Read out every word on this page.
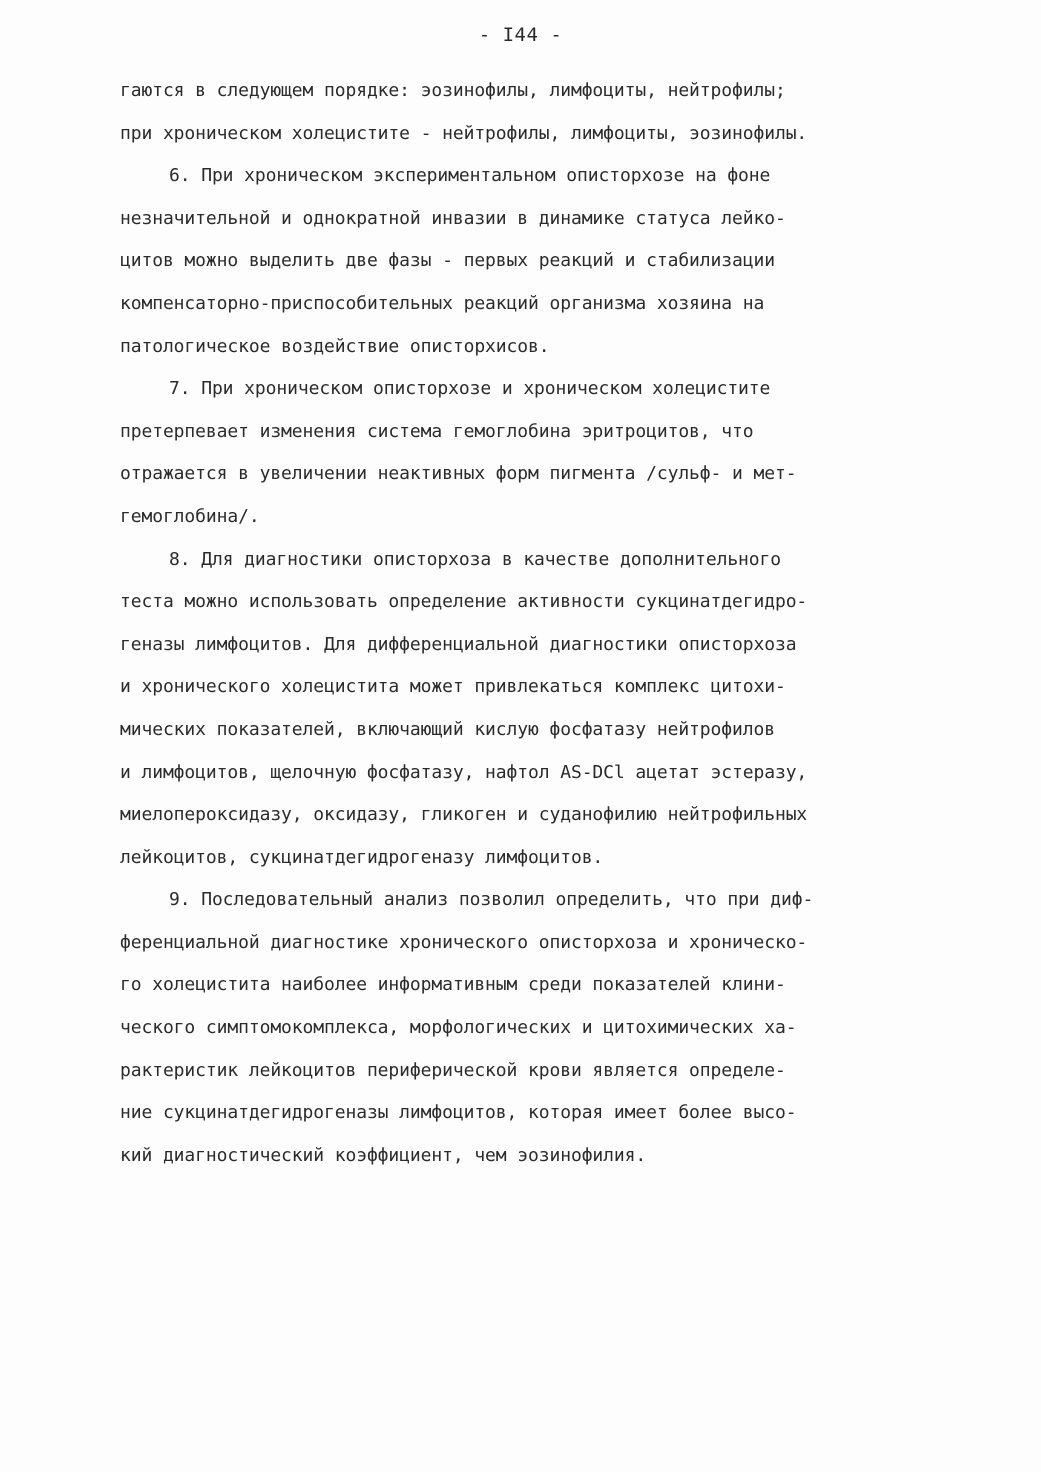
- I44 -
гаются в следующем порядке: эозинофилы, лимфоциты, нейтрофилы;
при хроническом холецистите - нейтрофилы, лимфоциты, эозинофилы.
6. При хроническом экспериментальном описторхозе на фоне
незначительной и однократной инвазии в динамике статуса лейко-
цитов можно выделить две фазы - первых реакций и стабилизации
компенсаторно-приспособительных реакций организма хозяина на
патологическое воздействие описторхисов.
7. При хроническом описторхозе и хроническом холецистите
претерпевает изменения система гемоглобина эритроцитов, что
отражается в увеличении неактивных форм пигмента /сульф- и мет-
гемоглобина/.
8. Для диагностики описторхоза в качестве дополнительного
теста можно использовать определение активности сукцинатдегидро-
геназы лимфоцитов. Для дифференциальной диагностики описторхоза
и хронического холецистита может привлекаться комплекс цитохи-
мических показателей, включающий кислую фосфатазу нейтрофилов
и лимфоцитов, щелочную фосфатазу, нафтол AS-DCl ацетат эстеразу,
миелопероксидазу, оксидазу, гликоген и суданофилию нейтрофильных
лейкоцитов, сукцинатдегидрогеназу лимфоцитов.
9. Последовательный анализ позволил определить, что при диф-
ференциальной диагностике хронического описторхоза и хроническо-
го холецистита наиболее информативным среди показателей клини-
ческого симптомокомплекса, морфологических и цитохимических ха-
рактеристик лейкоцитов периферической крови является определе-
ние сукцинатдегидрогеназы лимфоцитов, которая имеет более высо-
кий диагностический коэффициент, чем эозинофилия.
